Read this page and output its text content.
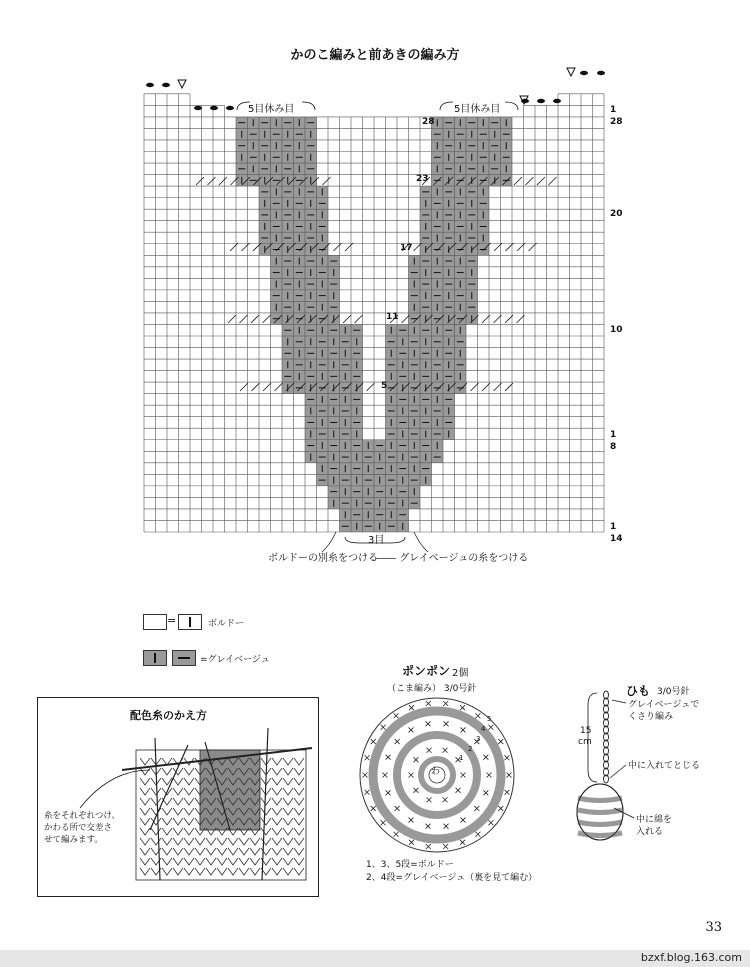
かのこ編みと前あきの編み方
5目休み目	5目休み目
3目
ボルドーの別糸をつける
―― グレイベージュの糸をつける
28
23
17
11
5
1
28
20
10
1
8
1
14
=	ボルドー
=グレイベージュ
配色糸のかえ方
糸をそれぞれつけ、
かわる所で交差さ
せて編みます。
ポンポン 2個
（こま編み） 3/0号針
5
4
3
2
1
わ
1、3、5段=ボルドー
2、4段=グレイベージュ（裏を見て編む）
ひも 3/0号針
グレイベージュで
くさり編み
15
cm
中に入れてとじる
中に綿を
入れる
33
bzxf.blog.163.com
